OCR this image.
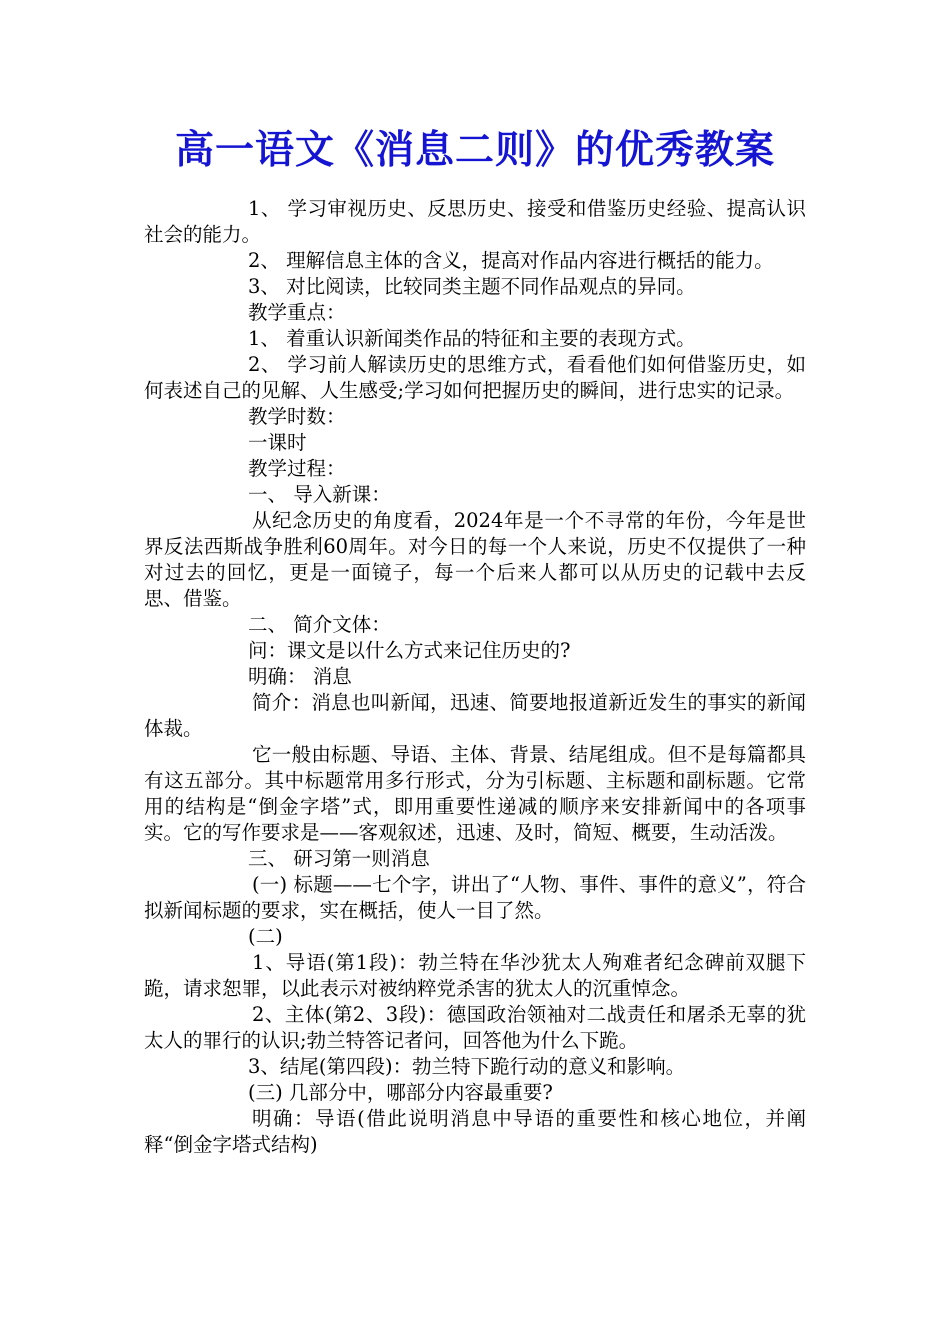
高一语文《消息二则》的优秀教案

1、 学习审视历史、反思历史、接受和借鉴历史经验、提高认识社会的能力。

2、 理解信息主体的含义，提高对作品内容进行概括的能力。

3、 对比阅读，比较同类主题不同作品观点的异同。

教学重点：

1、 着重认识新闻类作品的特征和主要的表现方式。

2、 学习前人解读历史的思维方式，看看他们如何借鉴历史，如何表述自己的见解、人生感受;学习如何把握历史的瞬间，进行忠实的记录。

教学时数：

一课时

教学过程：

一、 导入新课：

从纪念历史的角度看，2024年是一个不寻常的年份，今年是世界反法西斯战争胜利60周年。对今日的每一个人来说，历史不仅提供了一种对过去的回忆，更是一面镜子，每一个后来人都可以从历史的记载中去反思、借鉴。

二、 简介文体：

问：课文是以什么方式来记住历史的?

明确： 消息

简介：消息也叫新闻，迅速、简要地报道新近发生的事实的新闻体裁。

它一般由标题、导语、主体、背景、结尾组成。但不是每篇都具有这五部分。其中标题常用多行形式，分为引标题、主标题和副标题。它常用的结构是“倒金字塔”式，即用重要性递减的顺序来安排新闻中的各项事实。它的写作要求是——客观叙述，迅速、及时，简短、概要，生动活泼。

三、 研习第一则消息

(一) 标题——七个字，讲出了“人物、事件、事件的意义”，符合拟新闻标题的要求，实在概括，使人一目了然。

(二)

1、导语(第1段)：勃兰特在华沙犹太人殉难者纪念碑前双腿下跪，请求恕罪，以此表示对被纳粹党杀害的犹太人的沉重悼念。

2、主体(第2、3段)：德国政治领袖对二战责任和屠杀无辜的犹太人的罪行的认识;勃兰特答记者问，回答他为什么下跪。

3、结尾(第四段)：勃兰特下跪行动的意义和影响。

(三) 几部分中，哪部分内容最重要?

明确：导语(借此说明消息中导语的重要性和核心地位，并阐释“倒金字塔式结构)
